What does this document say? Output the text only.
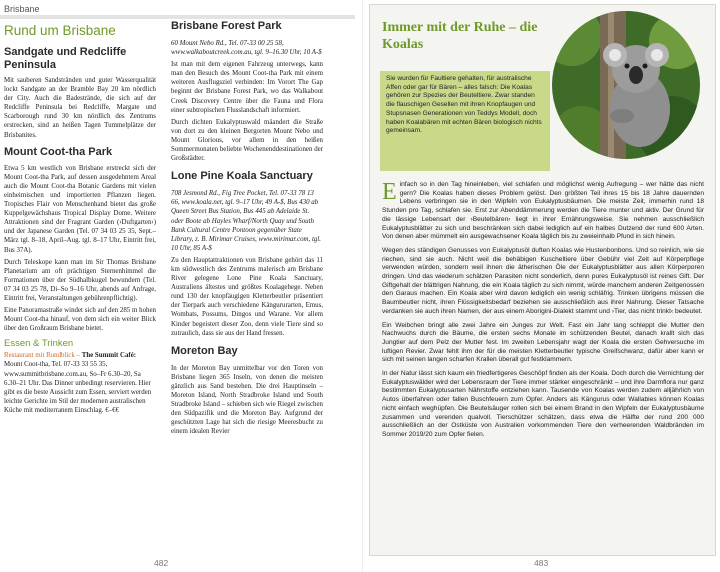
Brisbane
Rund um Brisbane
Sandgate und Redcliffe Peninsula

Mit sauberen Sandstränden und guter Wasserqualität lockt Sandgate an der Bramble Bay 20 km nördlich der City. Auch die Badestrände, die sich auf der Redcliffe Peninsula bei Redcliffe, Margate und Scarborough rund 30 km nördlich des Zentrums erstrecken, sind an heißen Tagen Tummelplätze der Brisbanites.

Mount Coot-tha Park

Etwa 5 km westlich von Brisbane erstreckt sich der Mount Coot-tha Park, auf dessen ausgedehntem Areal auch die Mount Coot-tha Botanic Gardens mit vielen einheimischen und importierten Pflanzen liegen. Tropisches Flair von Menschenhand bietet das große Kuppelgewächshaus Tropical Display Dome. Weitere Attraktionen sind der Fragrant Garden (›Duftgarten‹) und der Japanese Garden (Tel. 07 34 03 25 35, Sept.–März tgl. 8–18, April–Aug. tgl. 8–17 Uhr, Eintritt frei, Bus 37A).

Durch Teleskope kann man im Sir Thomas Brisbane Planetarium am oft prächtigen Sternenhimmel die Formationen über der Südhalbkugel bewundern (Tel. 07 34 03 25 78, Di–So 9–16 Uhr, abends auf Anfrage, Eintritt frei, Veranstaltungen gebührenpflichtig).

Eine Panoramastraße windet sich auf den 285 m hohen Mount Coot-tha hinauf, von dem sich ein weiter Blick über den Großraum Brisbane bietet.

Essen & Trinken

Restaurant mit Rundblick – The Summit Café: Mount Coot-tha, Tel. 07-33 33 55 35, www.summitbrisbane.com.au, So–Fr 6.30–20, Sa 6.30–21 Uhr. Das Dinner unbedingt reservieren. Hier gibt es die beste Aussicht zum Essen, serviert werden leichte Gerichte im Stil der modernen australischen Küche mit mediterranem Einschlag. €–€€

Brisbane Forest Park

60 Mount Nebo Rd., Tel. 07-33 00 25 58, www.walkaboutcreek.com.au, tgl. 9–16.30 Uhr, 10 A-$

Ist man mit dem eigenen Fahrzeug unterwegs, kann man den Besuch des Mount Coot-tha Park mit einem weiteren Ausflugsziel verbinden: Im Vorort The Gap beginnt der Brisbane Forest Park, wo das Walkabout Creek Discovery Centre über die Fauna und Flora einer subtropischen Flusslandschaft informiert.

Durch dichten Eukalyptuswald mäandert die Straße von dort zu den kleinen Bergorten Mount Nebo und Mount Glorious, vor allem in den heißen Sommermonaten beliebte Wochenenddestinationen der Großstädter.

Lone Pine Koala Sanctuary

708 Jesmond Rd., Fig Tree Pocket, Tel. 07-33 78 13 66, www.koala.net, tgl. 9–17 Uhr, 49 A-$, Bus 430 ab Queen Street Bus Station, Bus 445 ab Adelaide St. oder Boote ab Hayles Wharf/North Quay und South Bank Cultural Centre Pontoon gegenüber State Library, z. B. Mirimar Cruises, www.mirimar.com, tgl. 10 Uhr, 85 A-$

Zu den Hauptattraktionen von Brisbane gehört das 11 km südwestlich des Zentrums malerisch am Brisbane River gelegene Lone Pine Koala Sanctuary, Australiens ältestes und größtes Koalagehege. Neben rund 130 der knopfäugigen Kletterbeutler präsentiert der Tierpark auch verschiedene Kängururarten, Emus, Wombats, Possums, Dingos und Warane. Vor allem Kinder begeistert dieser Zoo, denn viele Tiere sind so zutraulich, dass sie aus der Hand fressen.

Moreton Bay

In der Moreton Bay unmittelbar vor den Toren von Brisbane liegen 365 Inseln, von denen die meisten gänzlich aus Sand bestehen. Die drei Hauptinseln – Moreton Island, North Stradbroke Island und South Stradbroke Island – schieben sich wie Riegel zwischen den Südpazifik und die Moreton Bay. Aufgrund der geschützten Lage hat sich die riesige Meeresbucht zu einem idealen Revier

482
Immer mit der Ruhe – die Koalas

Sie wurden für Faultiere gehalten, für australische Affen oder gar für Bären – alles falsch: Die Koalas gehören zur Spezies der Beuteltiere. Zwar standen die flauschigen Gesellen mit ihren Knopfaugen und Stupsnasen Generationen von Teddys Modell, doch haben Koalabären mit echten Bären biologisch nichts gemeinsam.

Einfach so in den Tag hineinleben, viel schlafen und möglichst wenig Aufregung – wer hätte das nicht gern? Die Koalas haben dieses Problem gelöst. Den größten Teil ihres 15 bis 18 Jahre dauernden Lebens verbringen sie in den Wipfeln von Eukalyptusbäumen. Die meiste Zeit, immerhin rund 18 Stunden pro Tag, schlafen sie. Erst zur Abenddämmerung werden die Tiere munter und aktiv. Der Grund für die lässige Lebensart der ›Beutelbären‹ liegt in ihrer Ernährungsweise. Sie nehmen ausschließlich Eukalyptusblätter zu sich und beschränken sich dabei lediglich auf ein halbes Dutzend der rund 600 Arten. Von denen aber mümmelt ein ausgewachsener Koala täglich bis zu zweieinhalb Pfund in sich hinein.

Wegen des ständigen Genusses von Eukalyptusöl duften Koalas wie Hustenbonbons. Und so reinlich, wie sie riechen, sind sie auch. Nicht weil die behäbigen Kuscheltiere über Gebühr viel Zeit auf Körperpflege verwenden würden, sondern weil ihnen die ätherischen Öle der Eukalyptusblätter aus allen Körperporen dringen. Und das wiederum schätzen Parasiten nicht sonderlich, denn pures Eukalyptusöl ist reines Gift. Der Giftgehalt der blättrigen Nahrung, die ein Koala täglich zu sich nimmt, würde manchem anderen Zeitgenossen den Garaus machen. Ein Koala aber wird davon lediglich ein wenig schläfrig. Trinken übrigens müssen die Baumbeutler nicht, ihren Flüssigkeitsbedarf beziehen sie ausschließlich aus ihrer Nahrung. Dieser Tatsache verdanken sie auch ihren Namen, der aus einem Aborigini-Dialekt stammt und ›Tier, das nicht trinkt‹ bedeutet.

Ein Weibchen bringt alle zwei Jahre ein Junges zur Welt. Fast ein Jahr lang schleppt die Mutter den Nachwuchs durch die Bäume, die ersten sechs Monate im schützenden Beutel, danach krallt sich das Jungtier auf dem Pelz der Mutter fest. Im zweiten Lebensjahr wagt der Koala die ersten Gehversuche im luftigen Revier. Zwar fehlt ihm der für die meisten Kletterbeutler typische Greifschwanz, dafür aber kann er sich mit seinen langen scharfen Krallen überall gut festklammern.

In der Natur lässt sich kaum ein friedfertigeres Geschöpf finden als der Koala. Doch durch die Vernichtung der Eukalyptuswälder wird der Lebensraum der Tiere immer stärker eingeschränkt – und ihre Darmflora nur ganz bestimmten Eukalyptusarten Nährstoffe entziehen kann. Tausende von Koalas werden zudem alljährlich von Autos überfahren oder fallen Buschfeuern zum Opfer. Anders als Kängurus oder Wallabies können Koalas nicht einfach weghüpfen. Die Beutelsäuger rollen sich bei einem Brand in den Wipfeln der Eukalyptusbäume zusammen und verenden qualvoll. Tierschützer schätzen, dass etwa die Hälfte der rund 200 000 ausschließlich an der Ostküste von Australien vorkommenden Tiere den verheerenden Waldbränden im Sommer 2019/20 zum Opfer fielen.

483
